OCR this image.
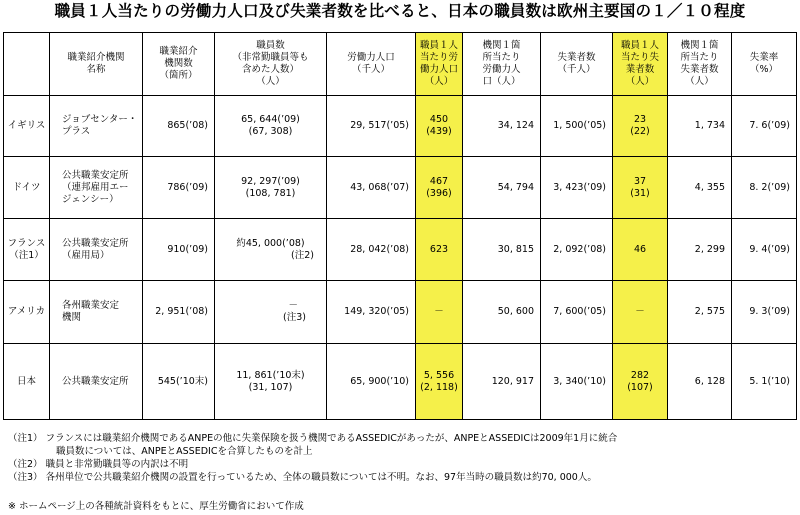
職員１人当たりの労働力人口及び失業者数を比べると、日本の職員数は欧州主要国の１／１０程度

	職業紹介機関
名称	職業紹介
機関数
（箇所）	職員数
（非常勤職員等も
含めた人数）
（人）	労働力人口
（千人）	職員１人
当たり労
働力人口
（人）	機関１箇
所当たり
労働力人
口（人）	失業者数
（千人）	職員１人
当たり失
業者数
（人）	機関１箇
所当たり
失業者数
（人）	失業率
（%）

イギリス	ジョブセンター・
プラス	865(’08)	65, 644(’09)
(67, 308)	29, 517(’05)	450
(439)	34, 124	1, 500(’05)	23
(22)	1, 734	7. 6(’09)

ドイツ	公共職業安定所
（連邦雇用エー
ジェンシー）	786(’09)	92, 297(’09)
(108, 781)	43, 068(’07)	467
(396)	54, 794	3, 423(’09)	37
(31)	4, 355	8. 2(’09)

フランス
（注1）	公共職業安定所
（雇用局）	910(’09)	約45, 000(’08)
(注2)	28, 042(’08)	623	30, 815	2, 092(’08)	46	2, 299	9. 4(’09)

アメリカ	各州職業安定
機関	2, 951(’08)	－
(注3)	149, 320(’05)	－	50, 600	7, 600(’05)	－	2, 575	9. 3(’09)

日本	公共職業安定所	545(’10末)	11, 861(’10末)
(31, 107)	65, 900(’10)	5, 556
(2, 118)	120, 917	3, 340(’10)	282
(107)	6, 128	5. 1(’10)
（注1） フランスには職業紹介機関であるANPEの他に失業保険を扱う機関であるASSEDICがあったが、ANPEとASSEDICは2009年1月に統合
職員数については、ANPEとASSEDICを合算したものを計上
（注2） 職員と非常勤職員等の内訳は不明
（注3） 各州単位で公共職業紹介機関の設置を行っているため、全体の職員数については不明。なお、97年当時の職員数は約70, 000人。
※ ホームページ上の各種統計資料をもとに、厚生労働省において作成
